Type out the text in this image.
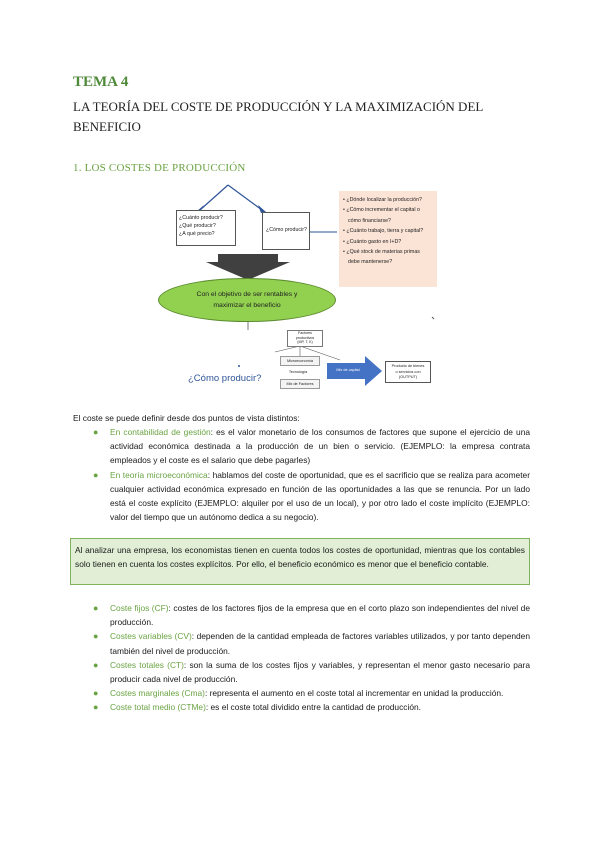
TEMA 4
LA TEORÍA DEL COSTE DE PRODUCCIÓN Y LA MAXIMIZACIÓN DEL BENEFICIO
1. LOS COSTES DE PRODUCCIÓN
¿Cuánto producir?
¿Qué producir?
¿A qué precio?
¿Cómo producir?
• ¿Dónde localizar la producción?
• ¿Cómo incrementar el capital o
cómo financiarse?
• ¿Cuánto trabajo, tierra y capital?
• ¿Cuánto gasto en I+D?
• ¿Qué stock de materias primas
debe mantenerse?
Con el objetivo de ser rentables y maximizar el beneficio
Factores
productivos
(MP, T, K)
Microeconomía
Tecnología
Mix de Factores
¿Cómo producir?
Mix de capital
Producto de bienes
o servicios con
(OUTPUT)
El coste se puede definir desde dos puntos de vista distintos:
● En contabilidad de gestión: es el valor monetario de los consumos de factores que supone el ejercicio de una actividad económica destinada a la producción de un bien o servicio. (EJEMPLO: la empresa contrata empleados y el coste es el salario que debe pagarles)
● En teoría microeconómica: hablamos del coste de oportunidad, que es el sacrificio que se realiza para acometer cualquier actividad económica expresado en función de las oportunidades a las que se renuncia. Por un lado está el coste explícito (EJEMPLO: alquiler por el uso de un local), y por otro lado el coste implícito (EJEMPLO: valor del tiempo que un autónomo dedica a su negocio).
Al analizar una empresa, los economistas tienen en cuenta todos los costes de oportunidad, mientras que los contables solo tienen en cuenta los costes explícitos. Por ello, el beneficio económico es menor que el beneficio contable.
● Coste fijos (CF): costes de los factores fijos de la empresa que en el corto plazo son independientes del nivel de producción.
● Costes variables (CV): dependen de la cantidad empleada de factores variables utilizados, y por tanto dependen también del nivel de producción.
● Costes totales (CT): son la suma de los costes fijos y variables, y representan el menor gasto necesario para producir cada nivel de producción.
● Costes marginales (Cma): representa el aumento en el coste total al incrementar en unidad la producción.
● Coste total medio (CTMe): es el coste total dividido entre la cantidad de producción.
